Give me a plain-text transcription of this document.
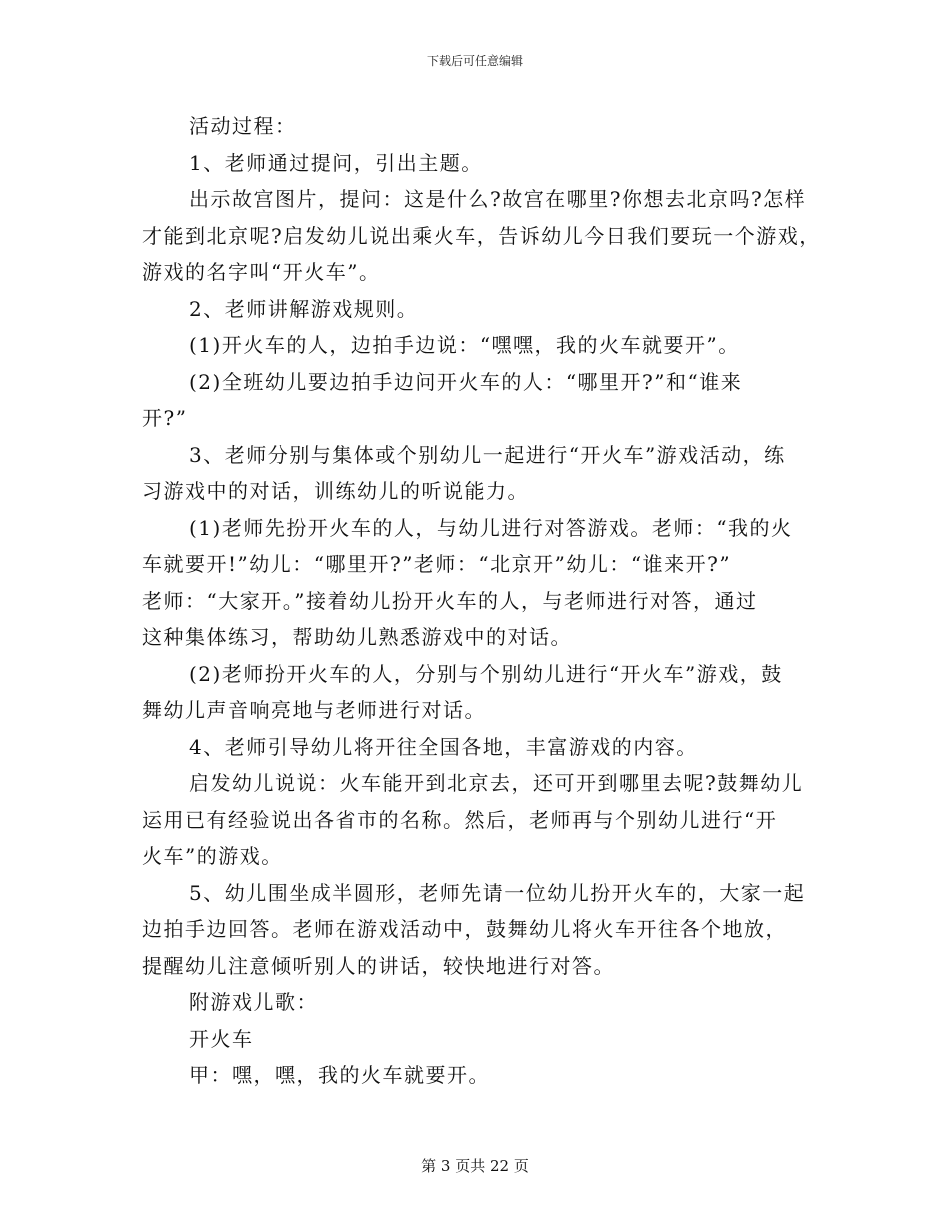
下载后可任意编辑
活动过程：
1、老师通过提问，引出主题。
出示故宫图片，提问：这是什么?故宫在哪里?你想去北京吗?怎样
才能到北京呢?启发幼儿说出乘火车，告诉幼儿今日我们要玩一个游戏，
游戏的名字叫“开火车”。
2、老师讲解游戏规则。
(1)开火车的人，边拍手边说：“嘿嘿，我的火车就要开”。
(2)全班幼儿要边拍手边问开火车的人：“哪里开?”和“谁来
开?”
3、老师分别与集体或个别幼儿一起进行“开火车”游戏活动，练
习游戏中的对话，训练幼儿的听说能力。
(1)老师先扮开火车的人，与幼儿进行对答游戏。老师：“我的火
车就要开!”幼儿：“哪里开?”老师：“北京开”幼儿：“谁来开?”
老师：“大家开。”接着幼儿扮开火车的人，与老师进行对答，通过
这种集体练习，帮助幼儿熟悉游戏中的对话。
(2)老师扮开火车的人，分别与个别幼儿进行“开火车”游戏，鼓
舞幼儿声音响亮地与老师进行对话。
4、老师引导幼儿将开往全国各地，丰富游戏的内容。
启发幼儿说说：火车能开到北京去，还可开到哪里去呢?鼓舞幼儿
运用已有经验说出各省市的名称。然后，老师再与个别幼儿进行“开
火车”的游戏。
5、幼儿围坐成半圆形，老师先请一位幼儿扮开火车的，大家一起
边拍手边回答。老师在游戏活动中，鼓舞幼儿将火车开往各个地放，
提醒幼儿注意倾听别人的讲话，较快地进行对答。
附游戏儿歌：
开火车
甲：嘿，嘿，我的火车就要开。
第 3 页共 22 页
